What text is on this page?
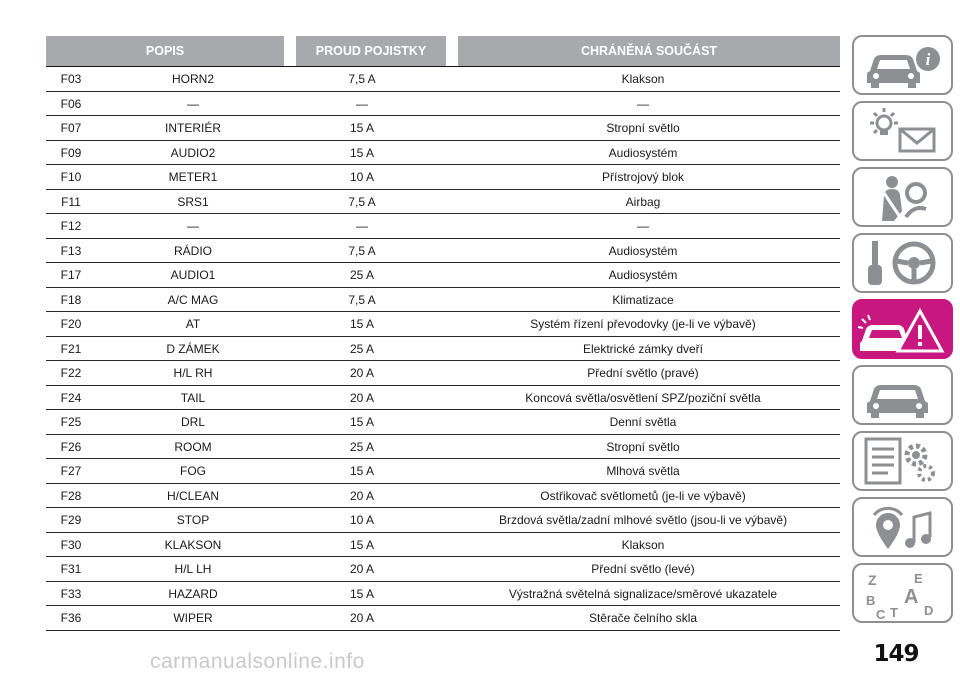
POPIS	PROUD POJISTKY	CHRÁNĚNÁ SOUČÁST
F03	HORN2	7,5 A	Klakson
F06	—	—	—
F07	INTERIÉR	15 A	Stropní světlo
F09	AUDIO2	15 A	Audiosystém
F10	METER1	10 A	Přístrojový blok
F11	SRS1	7,5 A	Airbag
F12	—	—	—
F13	RÁDIO	7,5 A	Audiosystém
F17	AUDIO1	25 A	Audiosystém
F18	A/C MAG	7,5 A	Klimatizace
F20	AT	15 A	Systém řízení převodovky (je-li ve výbavě)
F21	D ZÁMEK	25 A	Elektrické zámky dveří
F22	H/L RH	20 A	Přední světlo (pravé)
F24	TAIL	20 A	Koncová světla/osvětlení SPZ/poziční světla
F25	DRL	15 A	Denní světla
F26	ROOM	25 A	Stropní světlo
F27	FOG	15 A	Mlhová světla
F28	H/CLEAN	20 A	Ostřikovač světlometů (je-li ve výbavě)
F29	STOP	10 A	Brzdová světla/zadní mlhové světlo (jsou-li ve výbavě)
F30	KLAKSON	15 A	Klakson
F31	H/L LH	20 A	Přední světlo (levé)
F33	HAZARD	15 A	Výstražná světelná signalizace/směrové ukazatele
F36	WIPER	20 A	Stěrače čelního skla
i
Z	E
B A
C T D
149
carmanualsonline.info
